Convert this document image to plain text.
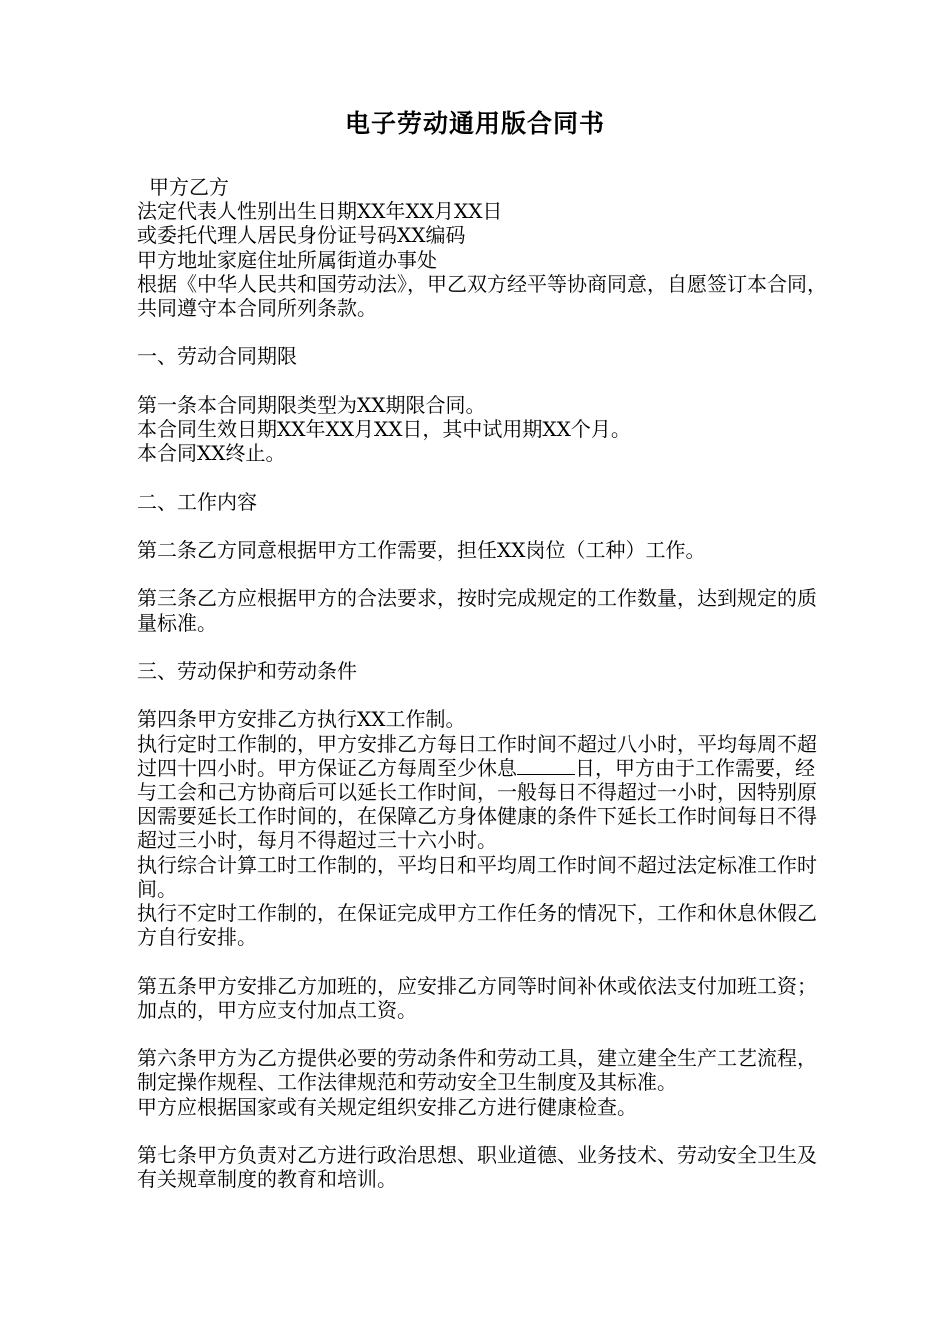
电子劳动通用版合同书

甲方乙方

法定代表人性别出生日期XX年XX月XX日

或委托代理人居民身份证号码XX编码

甲方地址家庭住址所属街道办事处

根据《中华人民共和国劳动法》，甲乙双方经平等协商同意，自愿签订本合同，共同遵守本合同所列条款。

一、劳动合同期限

第一条本合同期限类型为XX期限合同。

本合同生效日期XX年XX月XX日，其中试用期XX个月。

本合同XX终止。

二、工作内容

第二条乙方同意根据甲方工作需要，担任XX岗位（工种）工作。

第三条乙方应根据甲方的合法要求，按时完成规定的工作数量，达到规定的质量标准。

三、劳动保护和劳动条件

第四条甲方安排乙方执行XX工作制。

执行定时工作制的，甲方安排乙方每日工作时间不超过八小时，平均每周不超过四十四小时。甲方保证乙方每周至少休息	日，甲方由于工作需要，经与工会和己方协商后可以延长工作时间，一般每日不得超过一小时，因特别原因需要延长工作时间的，在保障乙方身体健康的条件下延长工作时间每日不得超过三小时，每月不得超过三十六小时。

执行综合计算工时工作制的，平均日和平均周工作时间不超过法定标准工作时间。

执行不定时工作制的，在保证完成甲方工作任务的情况下，工作和休息休假乙方自行安排。

第五条甲方安排乙方加班的，应安排乙方同等时间补休或依法支付加班工资；加点的，甲方应支付加点工资。

第六条甲方为乙方提供必要的劳动条件和劳动工具，建立建全生产工艺流程，制定操作规程、工作法律规范和劳动安全卫生制度及其标准。

甲方应根据国家或有关规定组织安排乙方进行健康检查。

第七条甲方负责对乙方进行政治思想、职业道德、业务技术、劳动安全卫生及有关规章制度的教育和培训。
